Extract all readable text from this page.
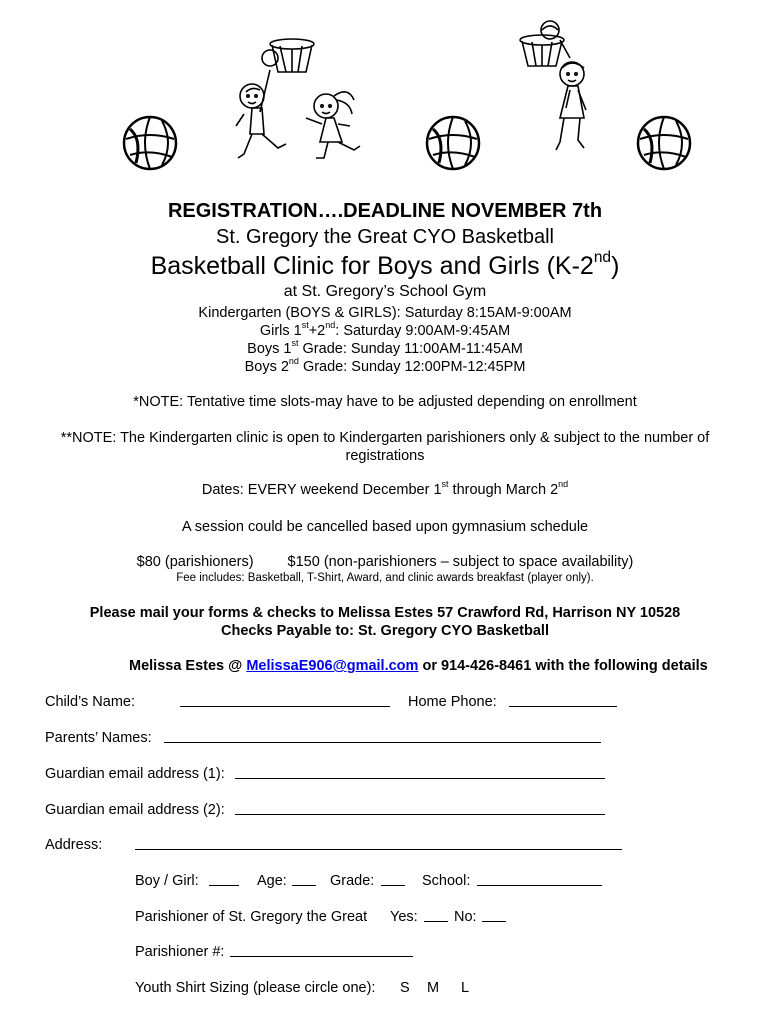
REGISTRATION….DEADLINE NOVEMBER 7th
St. Gregory the Great CYO Basketball
Basketball Clinic for Boys and Girls (K-2nd)
at St. Gregory’s School Gym
Kindergarten (BOYS & GIRLS): Saturday 8:15AM-9:00AM
Girls 1st+2nd: Saturday 9:00AM-9:45AM
Boys 1st Grade: Sunday 11:00AM-11:45AM
Boys 2nd Grade: Sunday 12:00PM-12:45PM
*NOTE: Tentative time slots-may have to be adjusted depending on enrollment
**NOTE: The Kindergarten clinic is open to Kindergarten parishioners only & subject to the number of
registrations
Dates: EVERY weekend December 1st through March 2nd
A session could be cancelled based upon gymnasium schedule
$80 (parishioners) $150 (non-parishioners – subject to space availability)
Fee includes: Basketball, T-Shirt, Award, and clinic awards breakfast (player only).
Please mail your forms & checks to Melissa Estes 57 Crawford Rd, Harrison NY 10528
Checks Payable to: St. Gregory CYO Basketball
Melissa Estes @ MelissaE906@gmail.com or 914-426-8461 with the following details
Child’s Name:	Home Phone:
Parents’ Names:
Guardian email address (1):
Guardian email address (2):
Address:
Boy / Girl:	Age:	Grade:	School:
Parishioner of St. Gregory the Great Yes:	No:
Parishioner #:
Youth Shirt Sizing (please circle one): S M L
